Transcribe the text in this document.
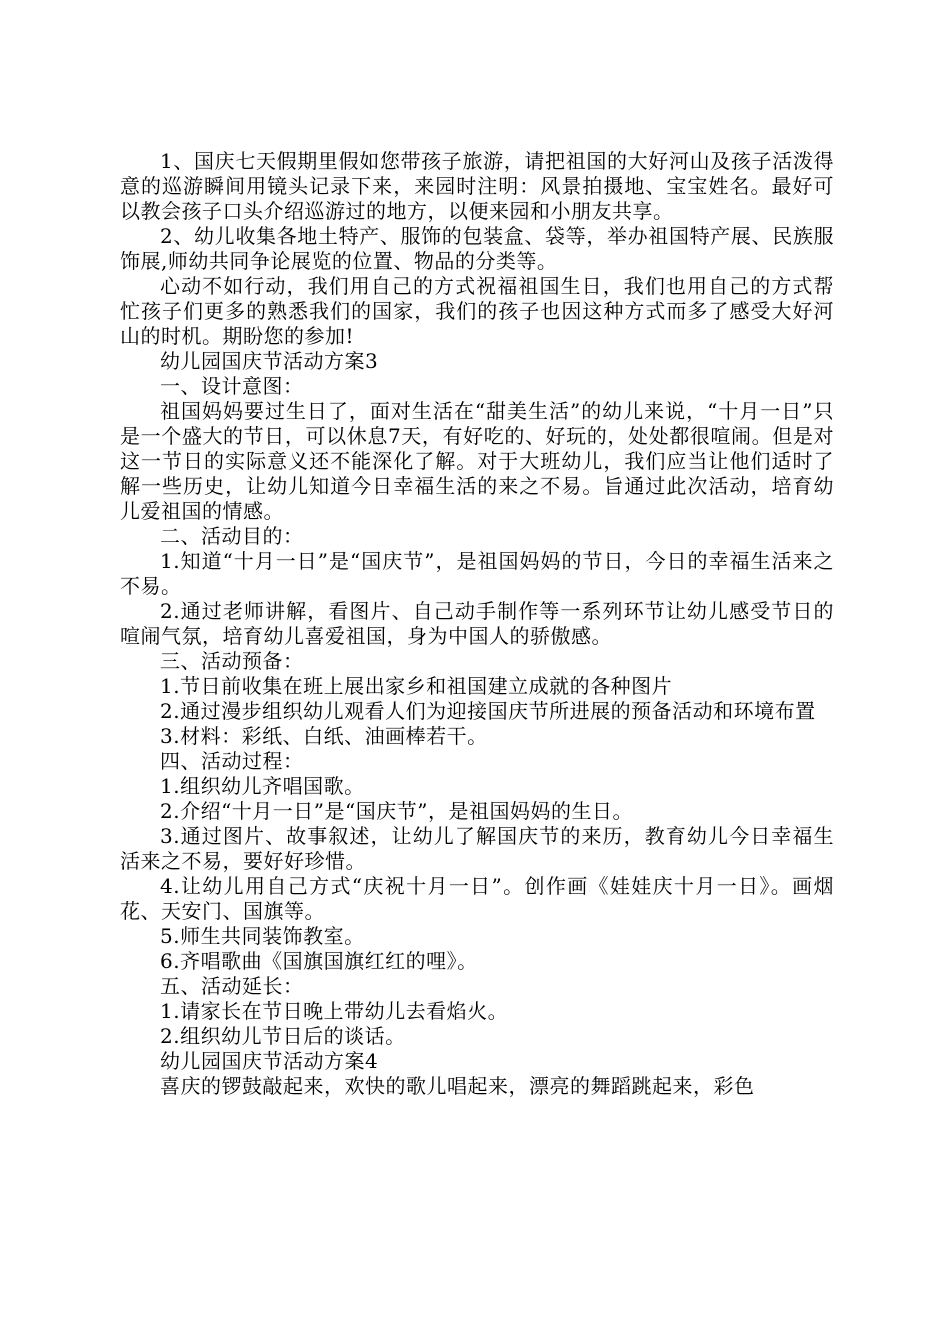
1、国庆七天假期里假如您带孩子旅游，请把祖国的大好河山及孩子活泼得意的巡游瞬间用镜头记录下来，来园时注明：风景拍摄地、宝宝姓名。最好可以教会孩子口头介绍巡游过的地方，以便来园和小朋友共享。

2、幼儿收集各地土特产、服饰的包装盒、袋等，举办祖国特产展、民族服饰展,师幼共同争论展览的位置、物品的分类等。

心动不如行动，我们用自己的方式祝福祖国生日，我们也用自己的方式帮忙孩子们更多的熟悉我们的国家，我们的孩子也因这种方式而多了感受大好河山的时机。期盼您的参加!

幼儿园国庆节活动方案3

一、设计意图：

祖国妈妈要过生日了，面对生活在“甜美生活”的幼儿来说，“十月一日”只是一个盛大的节日，可以休息7天，有好吃的、好玩的，处处都很喧闹。但是对这一节日的实际意义还不能深化了解。对于大班幼儿，我们应当让他们适时了解一些历史，让幼儿知道今日幸福生活的来之不易。旨通过此次活动，培育幼儿爱祖国的情感。

二、活动目的：

1.知道“十月一日”是“国庆节”，是祖国妈妈的节日，今日的幸福生活来之不易。

2.通过老师讲解，看图片、自己动手制作等一系列环节让幼儿感受节日的喧闹气氛，培育幼儿喜爱祖国，身为中国人的骄傲感。

三、活动预备：

1.节日前收集在班上展出家乡和祖国建立成就的各种图片

2.通过漫步组织幼儿观看人们为迎接国庆节所进展的预备活动和环境布置

3.材料：彩纸、白纸、油画棒若干。

四、活动过程：

1.组织幼儿齐唱国歌。

2.介绍“十月一日”是“国庆节”，是祖国妈妈的生日。

3.通过图片、故事叙述，让幼儿了解国庆节的来历，教育幼儿今日幸福生活来之不易，要好好珍惜。

4.让幼儿用自己方式“庆祝十月一日”。创作画《娃娃庆十月一日》。画烟花、天安门、国旗等。

5.师生共同装饰教室。

6.齐唱歌曲《国旗国旗红红的哩》。

五、活动延长：

1.请家长在节日晚上带幼儿去看焰火。

2.组织幼儿节日后的谈话。

幼儿园国庆节活动方案4

喜庆的锣鼓敲起来，欢快的歌儿唱起来，漂亮的舞蹈跳起来，彩色
